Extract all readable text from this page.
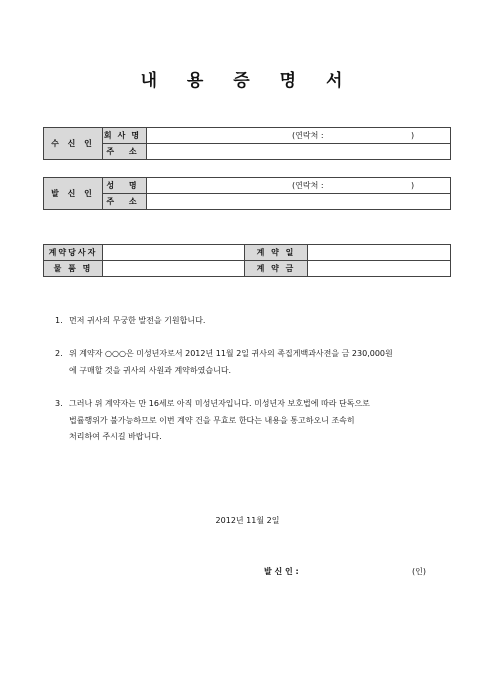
내 용 증 명 서
수 신 인	회사명	(연락처 : )

	주 소	
발 신 인	성 명	(연락처 : )

	주 소	
계약당사자		계 약 일	
물 품 명		계 약 금	
1. 먼저 귀사의 무궁한 발전을 기원합니다.
2. 위 계약자 ○○○은 미성년자로서 2012년 11월 2일 귀사의 족집게백과사전을 금 230,000원
에 구매할 것을 귀사의 사원과 계약하였습니다.
3. 그러나 위 계약자는 만 16세로 아직 미성년자입니다. 미성년자 보호법에 따라 단독으로
법률행위가 불가능하므로 이번 계약 건을 무효로 한다는 내용을 통고하오니 조속히
처리하여 주시길 바랍니다.
2012년 11월 2일
발 신 인 :	(인)
